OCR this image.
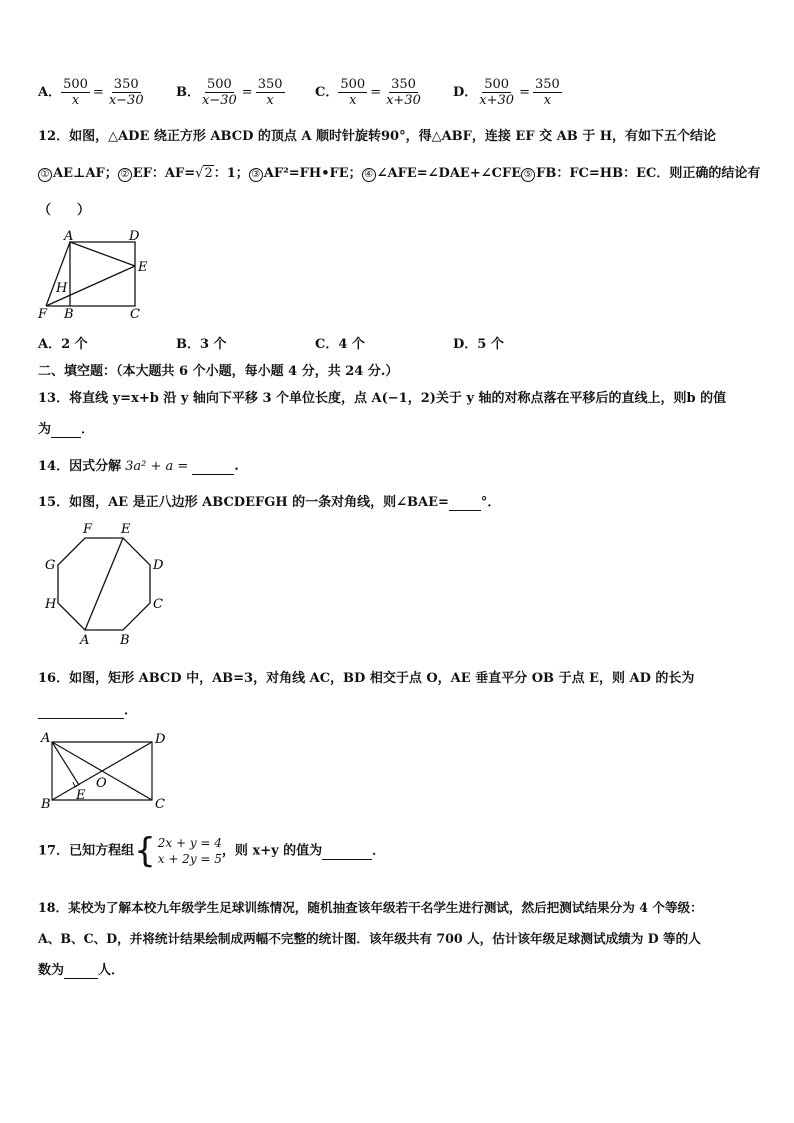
A． $\frac{500}{x} = \frac{350}{x-30}$ B． $\frac{500}{x-30} = \frac{350}{x}$ C． $\frac{500}{x} = \frac{350}{x+30}$ D． $\frac{500}{x+30} = \frac{350}{x}$
12．如图，△ADE 绕正方形 ABCD 的顶点 A 顺时针旋转90°，得△ABF，连接 EF 交 AB 于 H，有如下五个结论
① AE⊥AF； ② EF：AF=√2：1； ③ AF²=FH•FE； ④ ∠AFE=∠DAE+∠CFE ⑤ FB：FC=HB：EC．则正确的结论有
（　　）
A	D
E
H
F B	C
A．2 个	B．3 个	C．4 个	D．5 个
二、填空题：（本大题共 6 个小题，每小题 4 分，共 24 分.）
13．将直线 y=x+b 沿 y 轴向下平移 3 个单位长度，点 A(−1，2)关于 y 轴的对称点落在平移后的直线上，则b 的值
为 ．
14．因式分解 3a² + a =	.
15．如图，AE 是正八边形 ABCDEFGH 的一条对角线，则∠BAE= °．
F E
G	D
H	C
A B
16．如图，矩形 ABCD 中，AB=3，对角线 AC，BD 相交于点 O，AE 垂直平分 OB 于点 E，则 AD 的长为
．
A	D
B	C
E
O
17．已知方程组 { 2x + y = 4
x + 2y = 5
，则 x+y 的值为	．
18．某校为了解本校九年级学生足球训练情况，随机抽查该年级若干名学生进行测试，然后把测试结果分为 4 个等级：
A、B、C、D，并将统计结果绘制成两幅不完整的统计图．该年级共有 700 人，估计该年级足球测试成绩为 D 等的人
数为	人．
